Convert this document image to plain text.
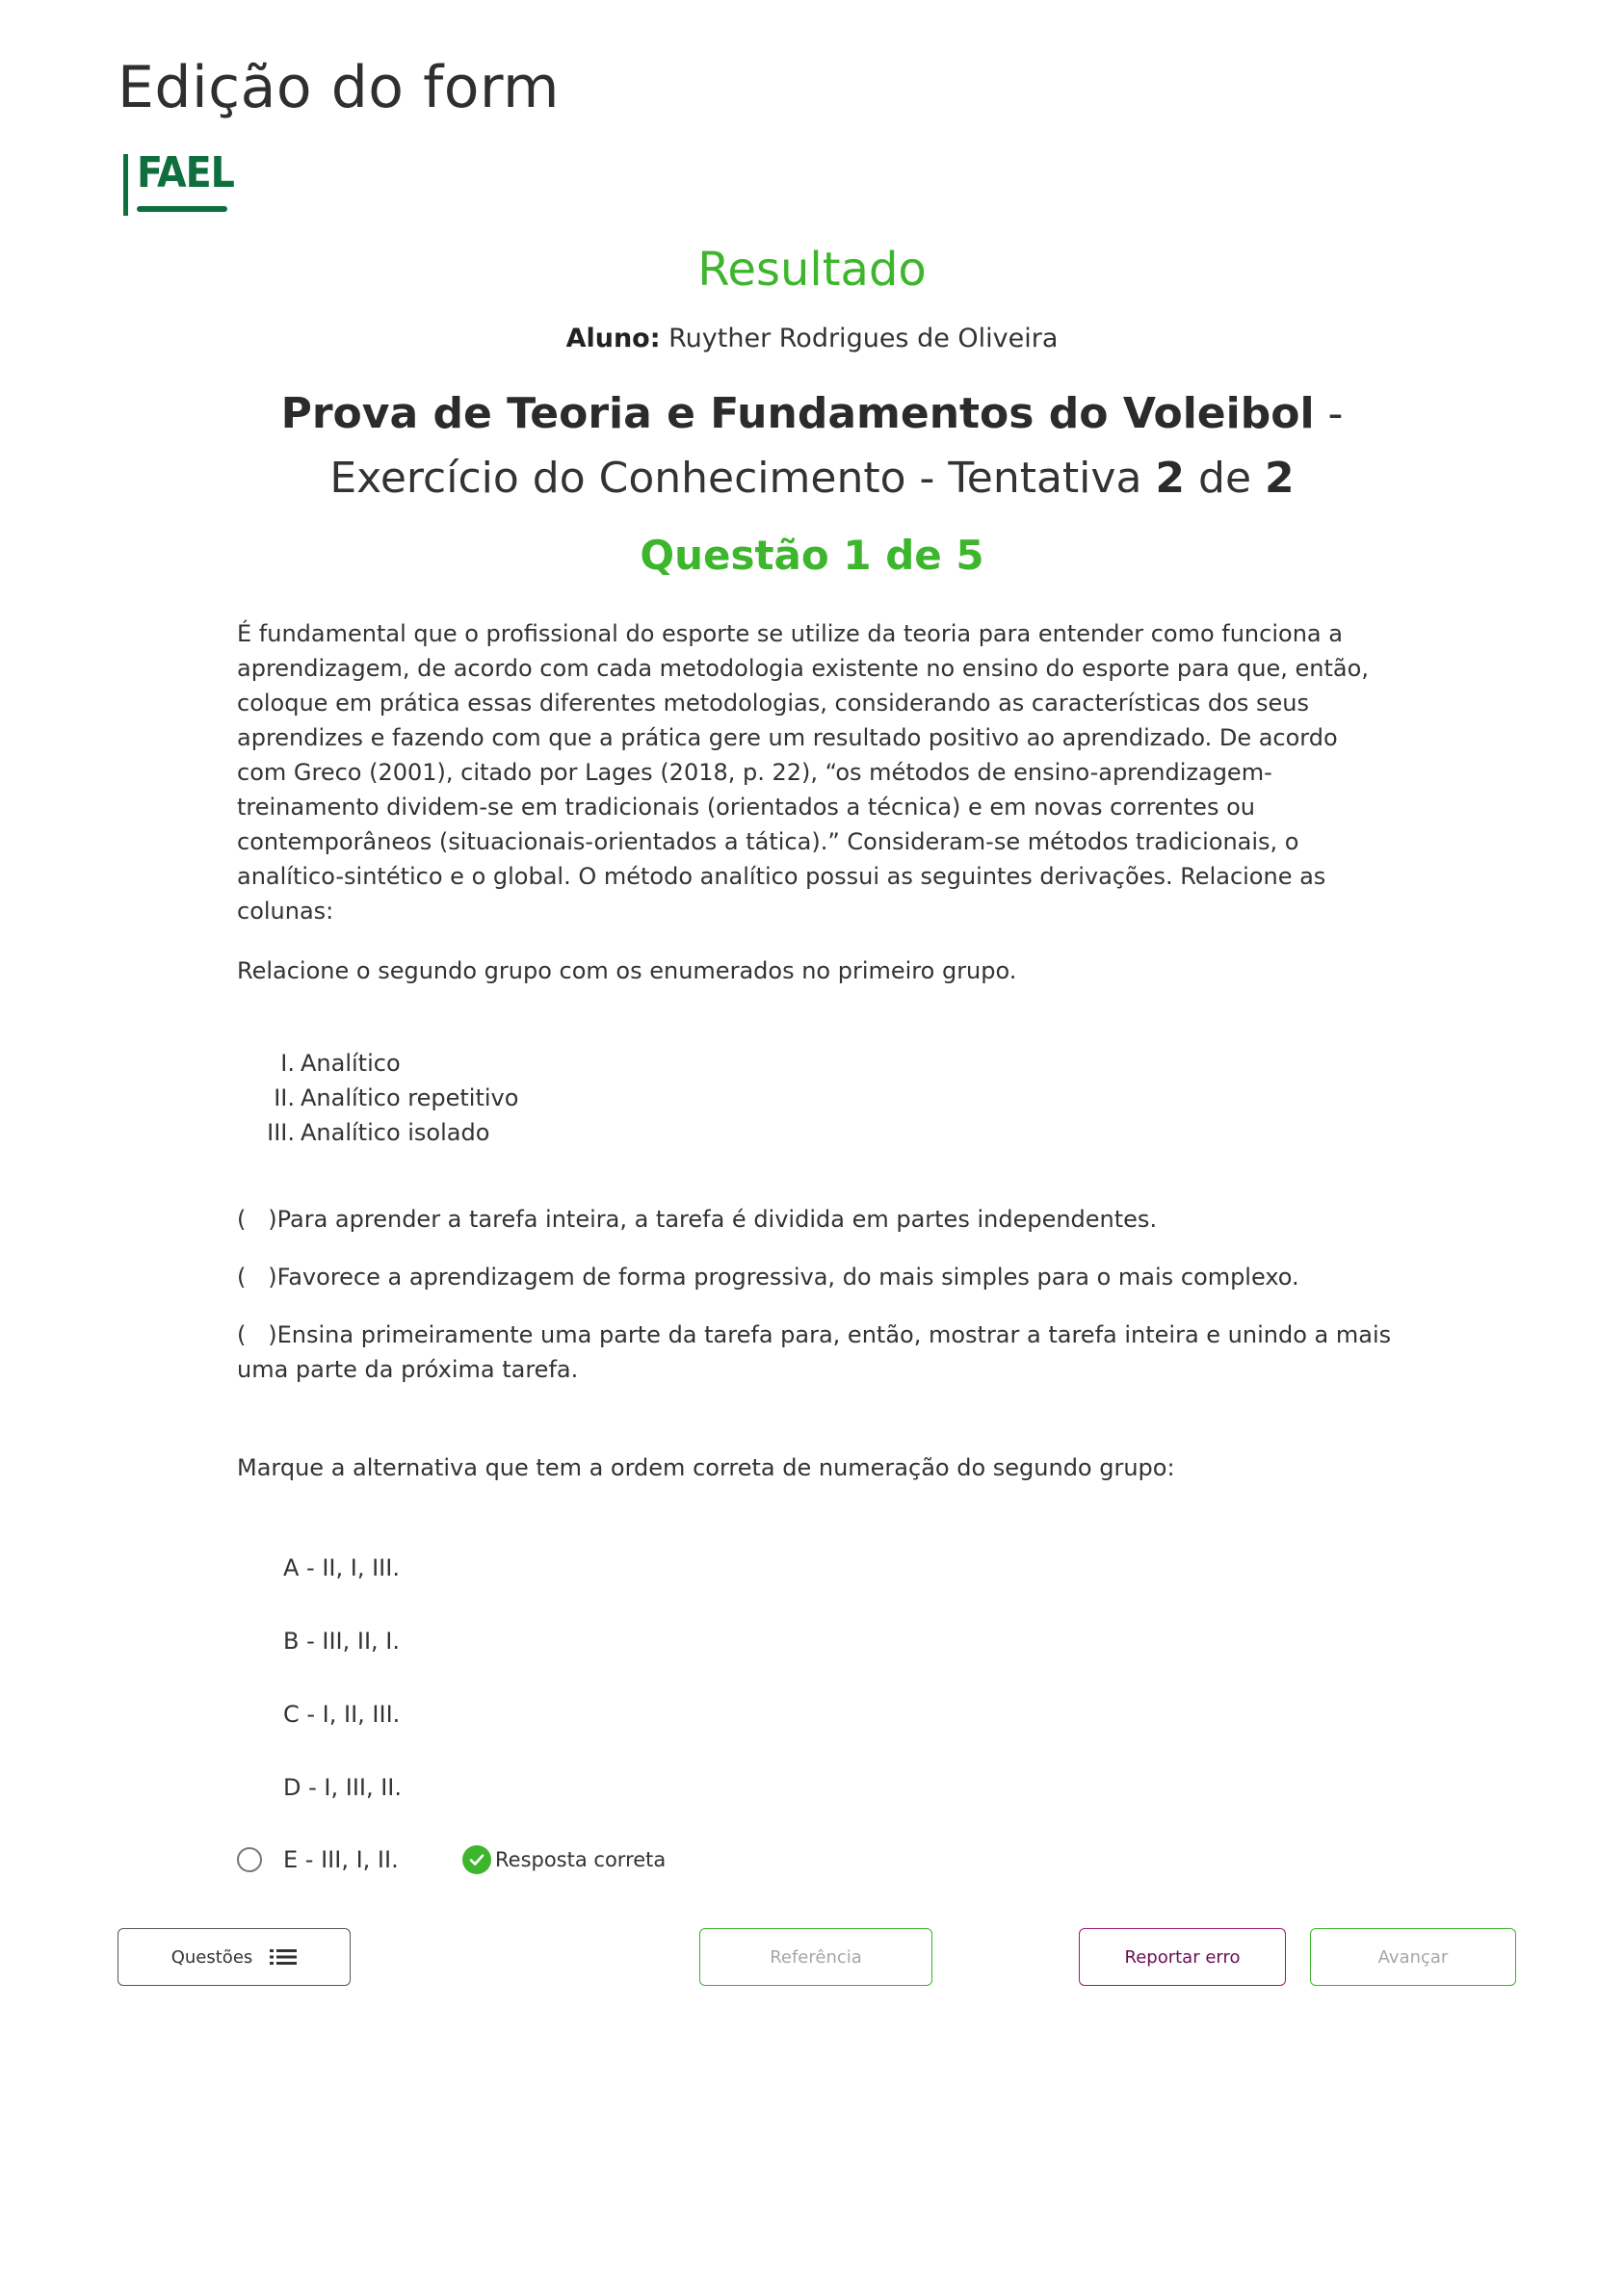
Edição do form
FAEL
Resultado
Aluno: Ruyther Rodrigues de Oliveira
Prova de Teoria e Fundamentos do Voleibol - Exercício do Conhecimento - Tentativa 2 de 2
Questão 1 de 5

É fundamental que o profissional do esporte se utilize da teoria para entender como funciona a aprendizagem, de acordo com cada metodologia existente no ensino do esporte para que, então, coloque em prática essas diferentes metodologias, considerando as características dos seus aprendizes e fazendo com que a prática gere um resultado positivo ao aprendizado. De acordo com Greco (2001), citado por Lages (2018, p. 22), “os métodos de ensino-aprendizagem-treinamento dividem-se em tradicionais (orientados a técnica) e em novas correntes ou contemporâneos (situacionais-orientados a tática).” Consideram-se métodos tradicionais, o analítico-sintético e o global. O método analítico possui as seguintes derivações. Relacione as colunas:

Relacione o segundo grupo com os enumerados no primeiro grupo.
I. Analítico
II. Analítico repetitivo
III. Analítico isolado
(   )Para aprender a tarefa inteira, a tarefa é dividida em partes independentes.
(   )Favorece a aprendizagem de forma progressiva, do mais simples para o mais complexo.
(   )Ensina primeiramente uma parte da tarefa para, então, mostrar a tarefa inteira e unindo a mais uma parte da próxima tarefa.
Marque a alternativa que tem a ordem correta de numeração do segundo grupo:
A - II, I, III.
B - III, II, I.
C - I, II, III.
D - I, III, II.
E - III, I, II.	Resposta correta
Questões	Referência	Reportar erro	Avançar
